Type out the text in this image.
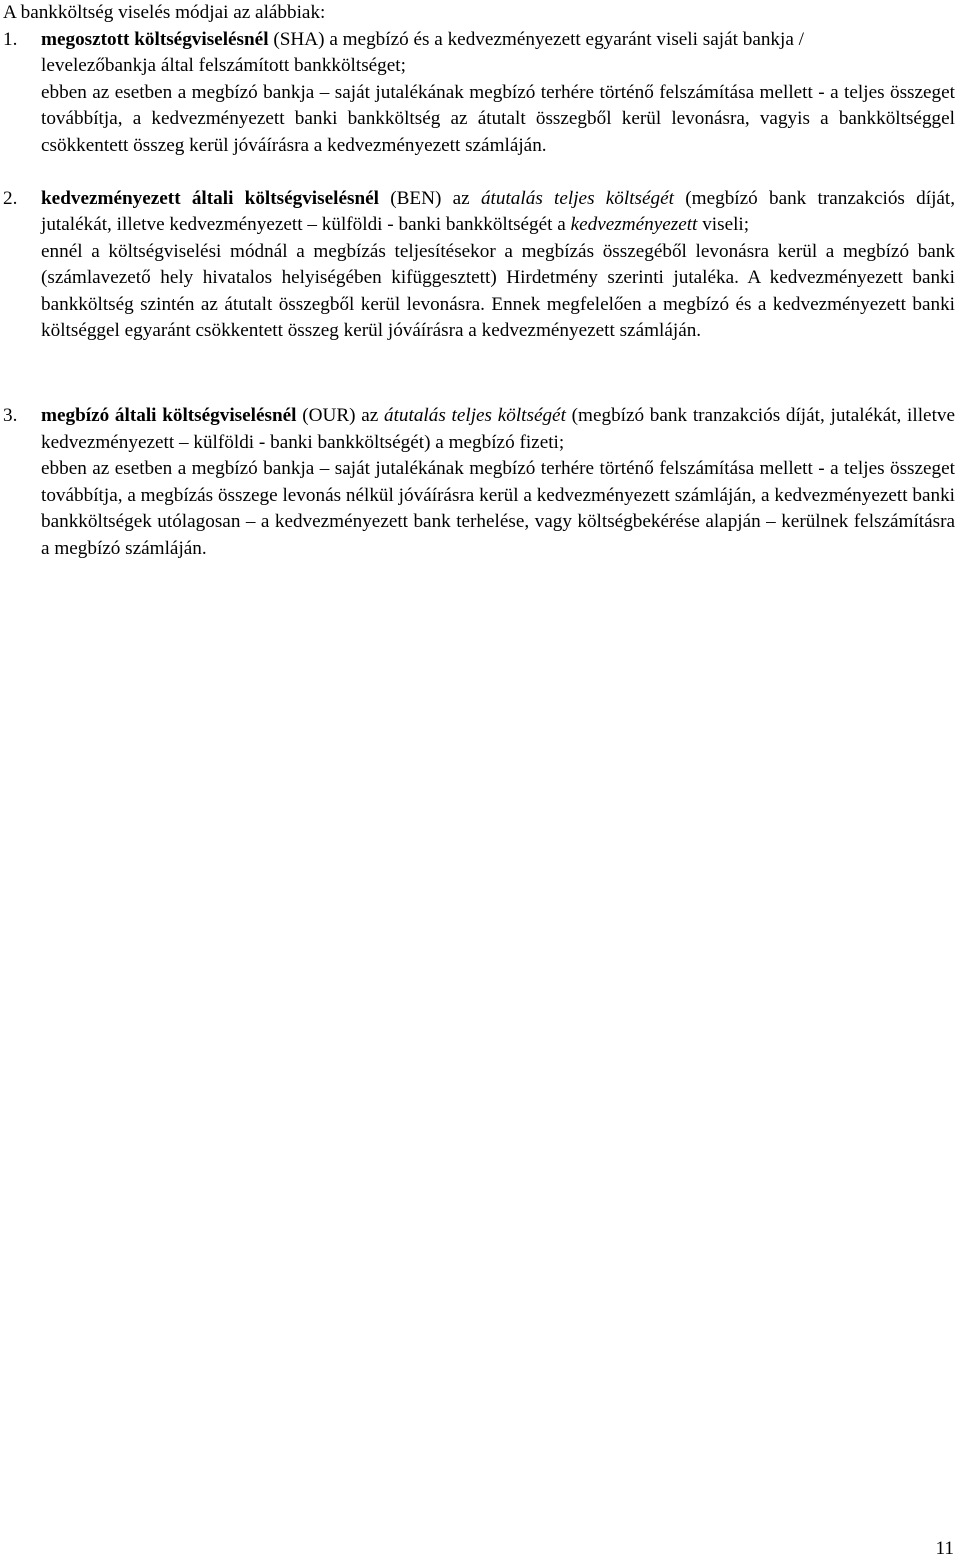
A bankköltség viselés módjai az alábbiak:
1. megosztott költségviselésnél (SHA) a megbízó és a kedvezményezett egyaránt viseli saját bankja /
levelezőbankja által felszámított bankköltséget;

ebben az esetben a megbízó bankja – saját jutalékának megbízó terhére történő felszámítása mellett - a teljes összeget továbbítja, a kedvezményezett banki bankköltség az átutalt összegből kerül levonásra, vagyis a bankköltséggel csökkentett összeg kerül jóváírásra a kedvezményezett számláján.

2. kedvezményezett általi költségviselésnél (BEN) az átutalás teljes költségét (megbízó bank tranzakciós díját, jutalékát, illetve kedvezményezett – külföldi - banki bankköltségét a kedvezményezett viseli;

ennél a költségviselési módnál a megbízás teljesítésekor a megbízás összegéből levonásra kerül a megbízó bank (számlavezető hely hivatalos helyiségében kifüggesztett) Hirdetmény szerinti jutaléka. A kedvezményezett banki bankköltség szintén az átutalt összegből kerül levonásra. Ennek megfelelően a megbízó és a kedvezményezett banki költséggel egyaránt csökkentett összeg kerül jóváírásra a kedvezményezett számláján.

3. megbízó általi költségviselésnél (OUR) az átutalás teljes költségét (megbízó bank tranzakciós díját, jutalékát, illetve kedvezményezett – külföldi - banki bankköltségét) a megbízó fizeti;

ebben az esetben a megbízó bankja – saját jutalékának megbízó terhére történő felszámítása mellett - a teljes összeget továbbítja, a megbízás összege levonás nélkül jóváírásra kerül a kedvezményezett számláján, a kedvezményezett banki bankköltségek utólagosan – a kedvezményezett bank terhelése, vagy költségbekérése alapján – kerülnek felszámításra a megbízó számláján.

11
